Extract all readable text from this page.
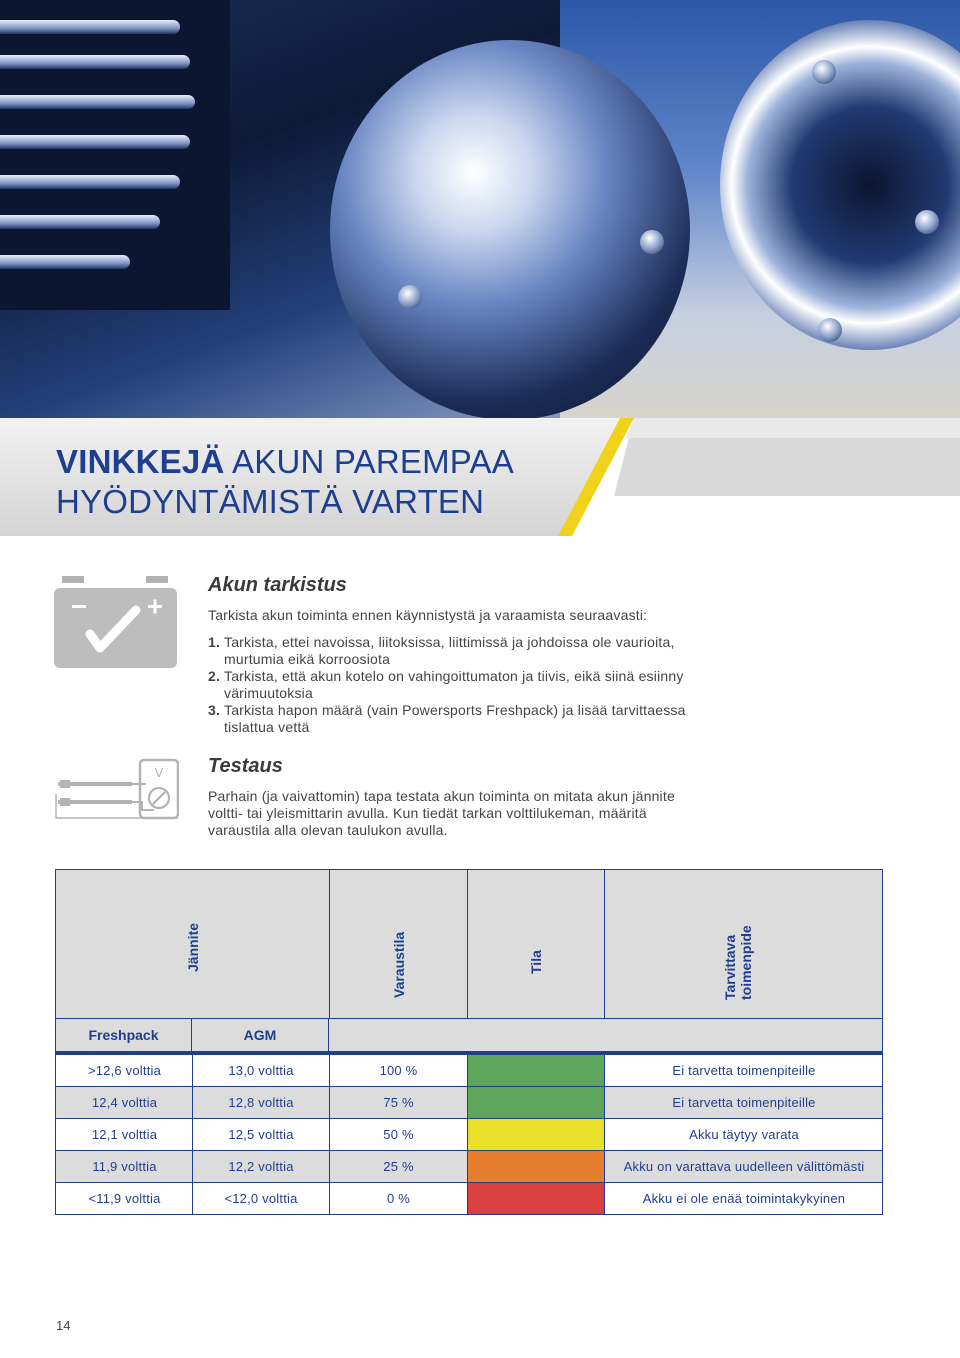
VINKKEJÄ AKUN PAREMPAA
HYÖDYNTÄMISTÄ VARTEN
Akun tarkistus
Tarkista akun toiminta ennen käynnistystä ja varaamista seuraavasti:
1. Tarkista, ettei navoissa, liitoksissa, liittimissä ja johdoissa ole vaurioita, murtumia eikä korroosiota
2. Tarkista, että akun kotelo on vahingoittumaton ja tiivis, eikä siinä esiinny värimuutoksia
3. Tarkista hapon määrä (vain Powersports Freshpack) ja lisää tarvittaessa tislattua vettä
V Testaus
Parhain (ja vaivattomin) tapa testata akun toiminta on mitata akun jännite voltti- tai yleismittarin avulla. Kun tiedät tarkan volttilukeman, määritä varaustila alla olevan taulukon avulla.
Jännite	Varaustila	Tila	Tarvittava
toimenpide
Freshpack	AGM
>12,6 volttia	13,0 volttia	100 %	Ei tarvetta toimenpiteille
12,4 volttia	12,8 volttia	75 %	Ei tarvetta toimenpiteille
12,1 volttia	12,5 volttia	50 %	Akku täytyy varata
11,9 volttia	12,2 volttia	25 %	Akku on varattava uudelleen välittömästi
<11,9 volttia	<12,0 volttia	0 %	Akku ei ole enää toimintakykyinen
14
